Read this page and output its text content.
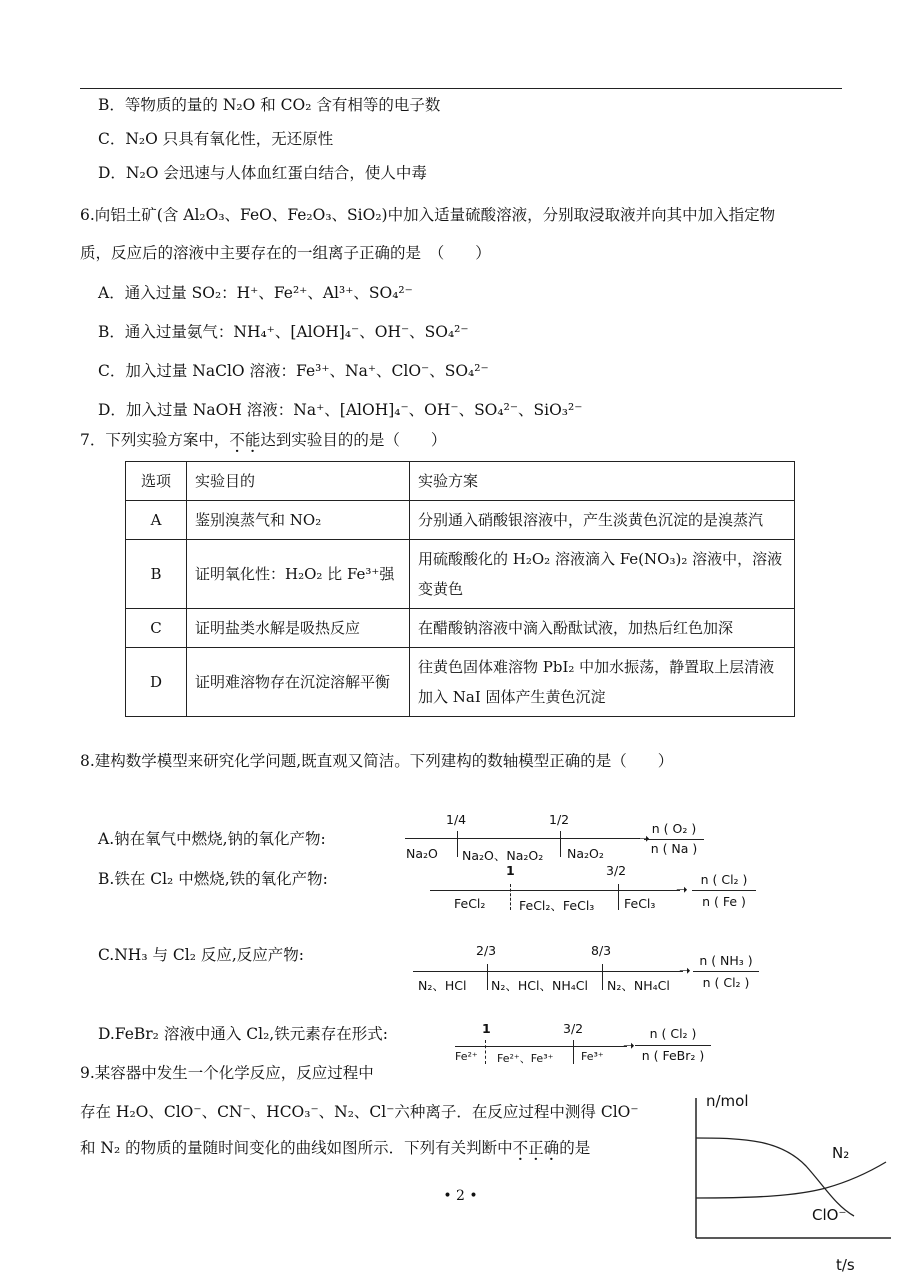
B．等物质的量的 N₂O 和 CO₂ 含有相等的电子数
C．N₂O 只具有氧化性，无还原性
D．N₂O 会迅速与人体血红蛋白结合，使人中毒
6.向铝土矿(含 Al₂O₃、FeO、Fe₂O₃、SiO₂)中加入适量硫酸溶液，分别取浸取液并向其中加入指定物
质，反应后的溶液中主要存在的一组离子正确的是　（　　）
A．通入过量 SO₂：H⁺、Fe²⁺、Al³⁺、SO₄²⁻
B．通入过量氨气：NH₄⁺、[AlOH]₄⁻、OH⁻、SO₄²⁻
C．加入过量 NaClO 溶液：Fe³⁺、Na⁺、ClO⁻、SO₄²⁻
D．加入过量 NaOH 溶液：Na⁺、[AlOH]₄⁻、OH⁻、SO₄²⁻、SiO₃²⁻
7．下列实验方案中，不能达到实验目的的是（　　）
选项	实验目的	实验方案
A	鉴别溴蒸气和 NO₂	分别通入硝酸银溶液中，产生淡黄色沉淀的是溴蒸汽
B	证明氧化性：H₂O₂ 比 Fe³⁺强	用硫酸酸化的 H₂O₂ 溶液滴入 Fe(NO₃)₂ 溶液中，溶液变黄色
C	证明盐类水解是吸热反应	在醋酸钠溶液中滴入酚酞试液，加热后红色加深
D	证明难溶物存在沉淀溶解平衡	往黄色固体难溶物 PbI₂ 中加水振荡，静置取上层清液加入 NaI 固体产生黄色沉淀
8.建构数学模型来研究化学问题,既直观又简洁。下列建构的数轴模型正确的是（　　）
A.钠在氧气中燃烧,钠的氧化产物:
1/4	1/2
Na₂O Na₂O、Na₂O₂ Na₂O₂
➝
n ( O₂ )
n ( Na )
B.铁在 Cl₂ 中燃烧,铁的氧化产物:	1	3/2
FeCl₂	FeCl₂、FeCl₃ FeCl₃
➝
n ( Cl₂ )
n ( Fe )
C.NH₃ 与 Cl₂ 反应,反应产物:	2/3	8/3
N₂、HCl N₂、HCl、NH₄Cl N₂、NH₄Cl
➝
n ( NH₃ )
n ( Cl₂ )
D.FeBr₂ 溶液中通入 Cl₂,铁元素存在形式:	1	3/2
Fe²⁺ Fe²⁺、Fe³⁺	Fe³⁺
➝
n ( Cl₂ )
n ( FeBr₂ )
9.某容器中发生一个化学反应，反应过程中
存在 H₂O、ClO⁻、CN⁻、HCO₃⁻、N₂、Cl⁻六种离子．在反应过程中测得 ClO⁻
和 N₂ 的物质的量随时间变化的曲线如图所示．下列有关判断中不正确的是
n/mol
t/s
N₂
ClO⁻
• 2 •
